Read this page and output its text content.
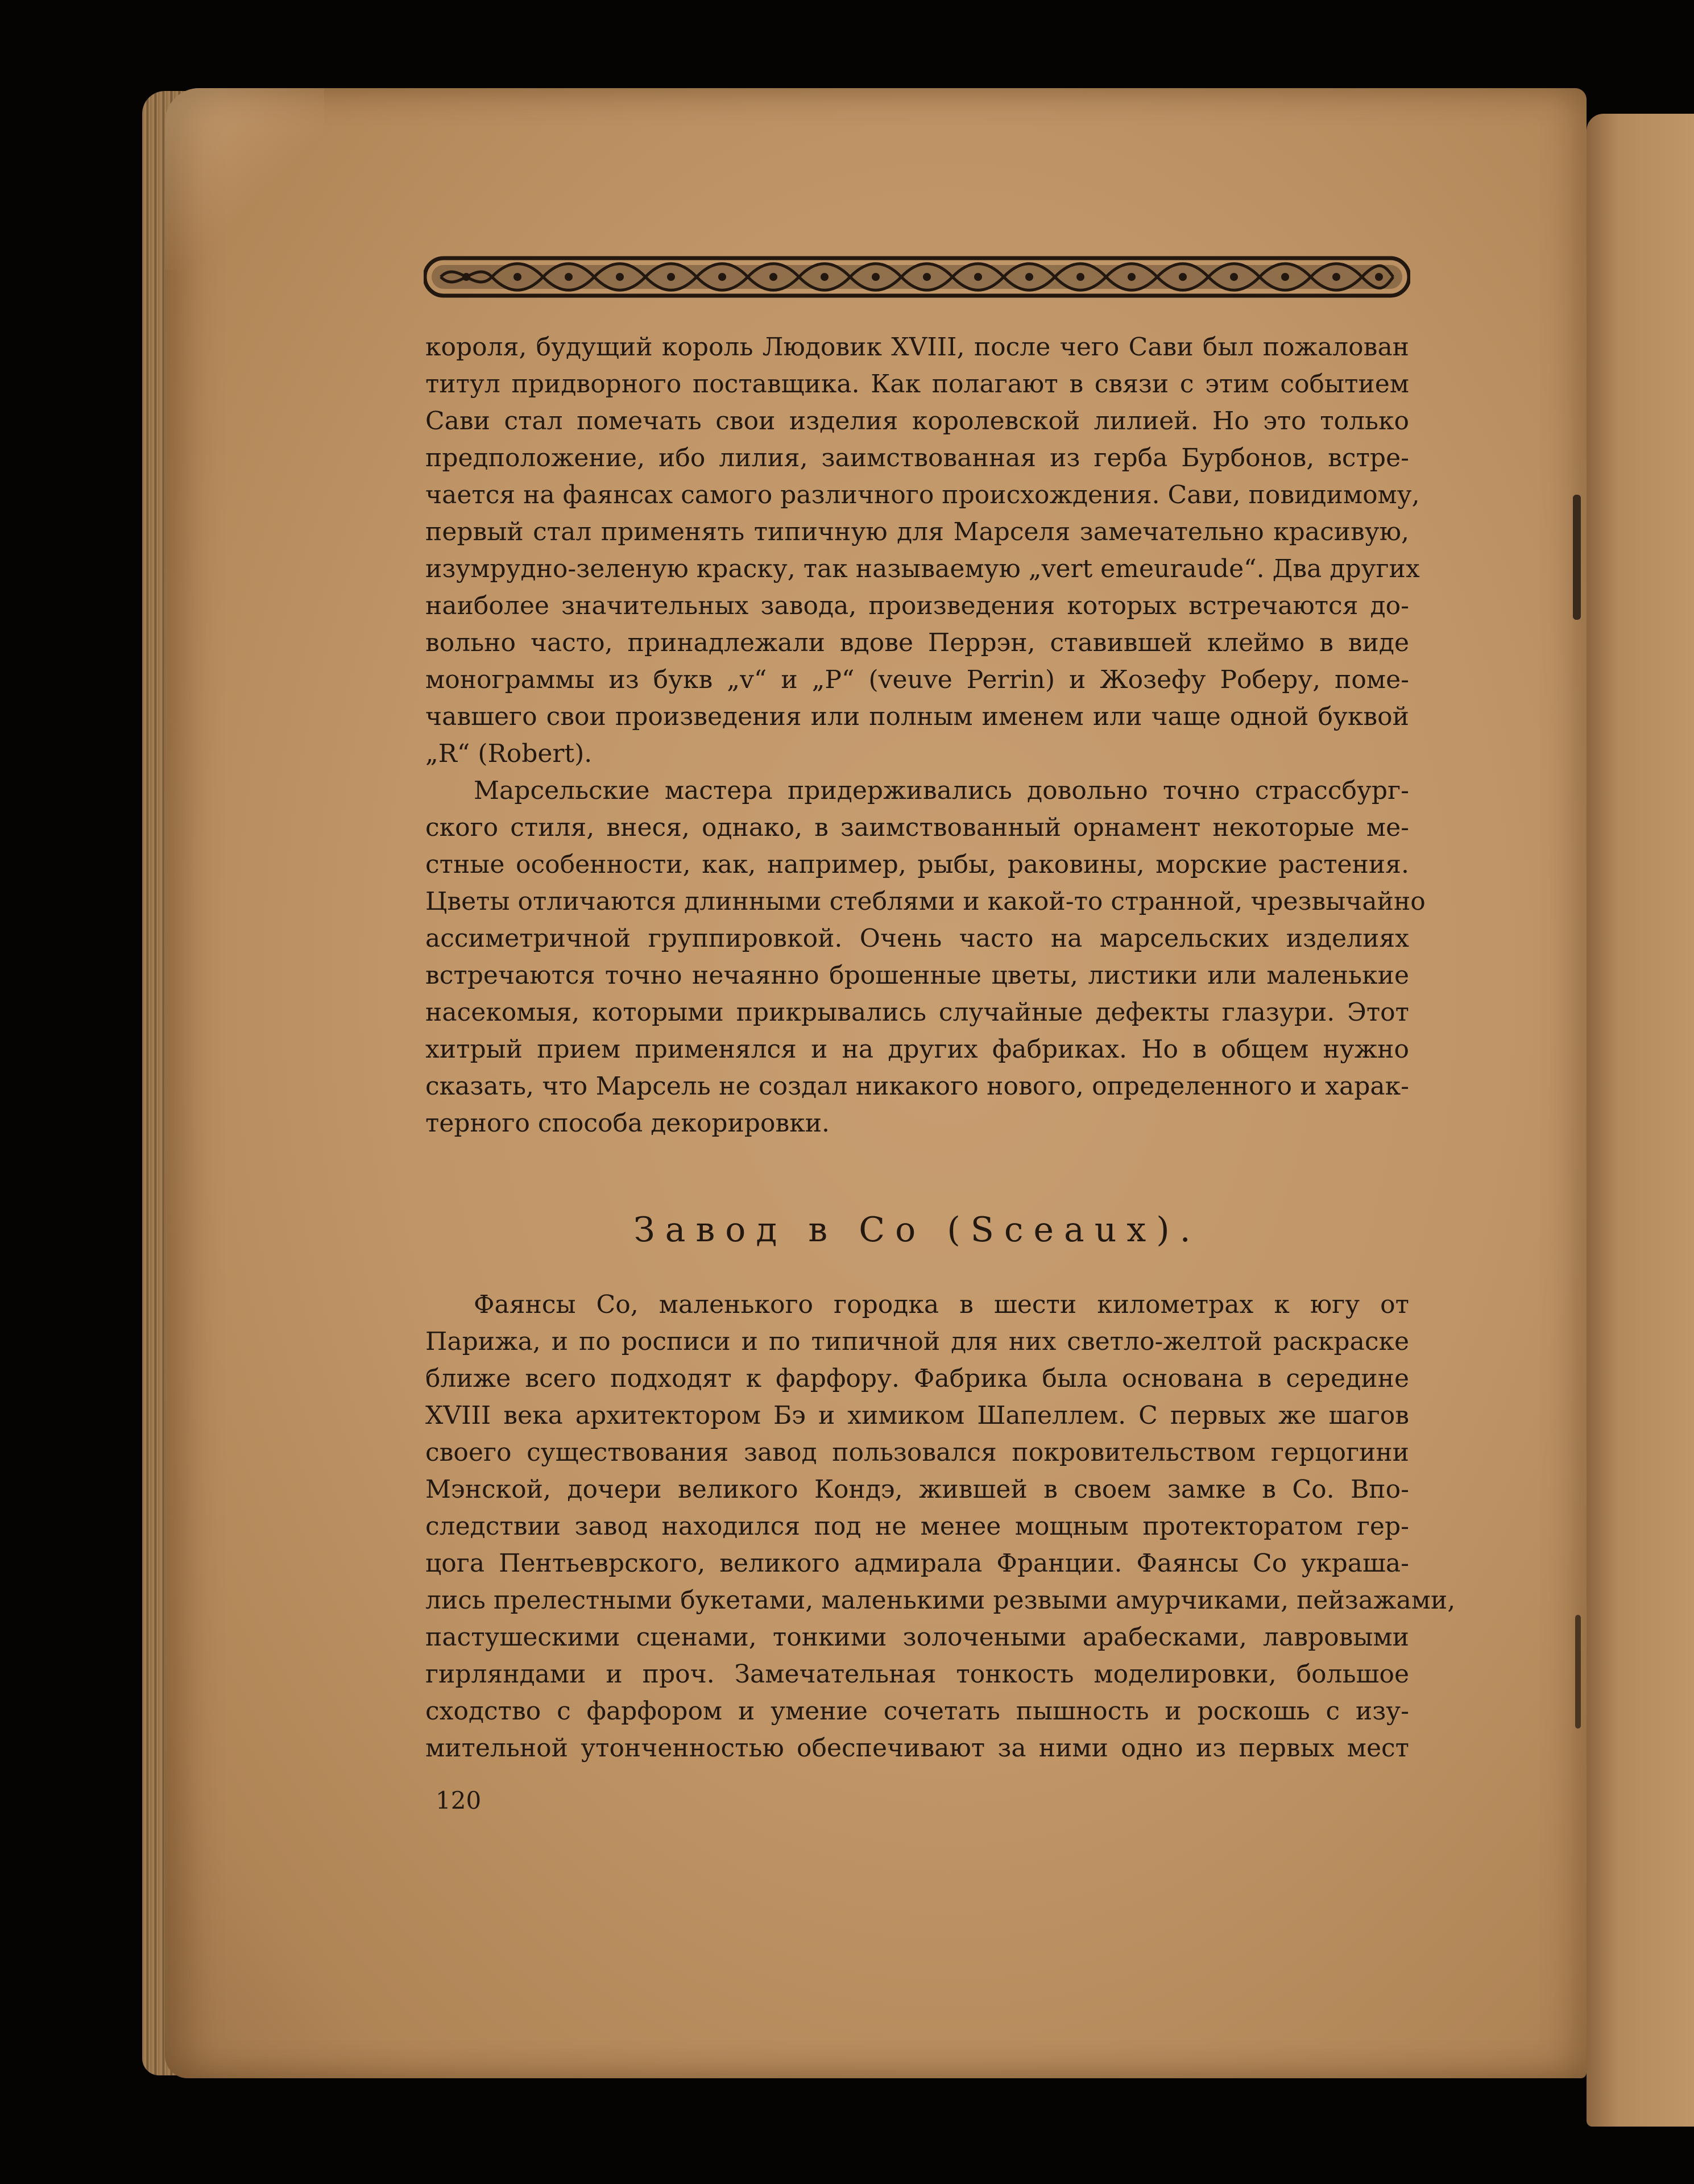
короля, будущий король Людовик XVIII, после чего Сави был пожалован
титул придворного поставщика. Как полагают в связи с этим событием
Сави стал помечать свои изделия королевской лилией. Но это только
предположение, ибо лилия, заимствованная из герба Бурбонов, встре-
чается на фаянсах самого различного происхождения. Сави, повидимому,
первый стал применять типичную для Марселя замечательно красивую,
изумрудно-зеленую краску, так называемую „vert emeuraude“. Два других
наиболее значительных завода, произведения которых встречаются до-
вольно часто, принадлежали вдове Перрэн, ставившей клеймо в виде
монограммы из букв „v“ и „P“ (veuve Perrin) и Жозефу Роберу, поме-
чавшего свои произведения или полным именем или чаще одной буквой
„R“ (Robert).
Марсельские мастера придерживались довольно точно страссбург-
ского стиля, внеся, однако, в заимствованный орнамент некоторые ме-
стные особенности, как, например, рыбы, раковины, морские растения.
Цветы отличаются длинными стеблями и какой-то странной, чрезвычайно
ассиметричной группировкой. Очень часто на марсельских изделиях
встречаются точно нечаянно брошенные цветы, листики или маленькие
насекомыя, которыми прикрывались случайные дефекты глазури. Этот
хитрый прием применялся и на других фабриках. Но в общем нужно
сказать, что Марсель не создал никакого нового, определенного и харак-
терного способа декорировки.
Завод в Со (Sceaux).
Фаянсы Со, маленького городка в шести километрах к югу от
Парижа, и по росписи и по типичной для них светло-желтой раскраске
ближе всего подходят к фарфору. Фабрика была основана в середине
XVIII века архитектором Бэ и химиком Шапеллем. С первых же шагов
своего существования завод пользовался покровительством герцогини
Мэнской, дочери великого Кондэ, жившей в своем замке в Со. Впо-
следствии завод находился под не менее мощным протекторатом гер-
цога Пентьеврского, великого адмирала Франции. Фаянсы Со украша-
лись прелестными букетами, маленькими резвыми амурчиками, пейзажами,
пастушескими сценами, тонкими золочеными арабесками, лавровыми
гирляндами и проч. Замечательная тонкость моделировки, большое
сходство с фарфором и умение сочетать пышность и роскошь с изу-
мительной утонченностью обеспечивают за ними одно из первых мест
120
